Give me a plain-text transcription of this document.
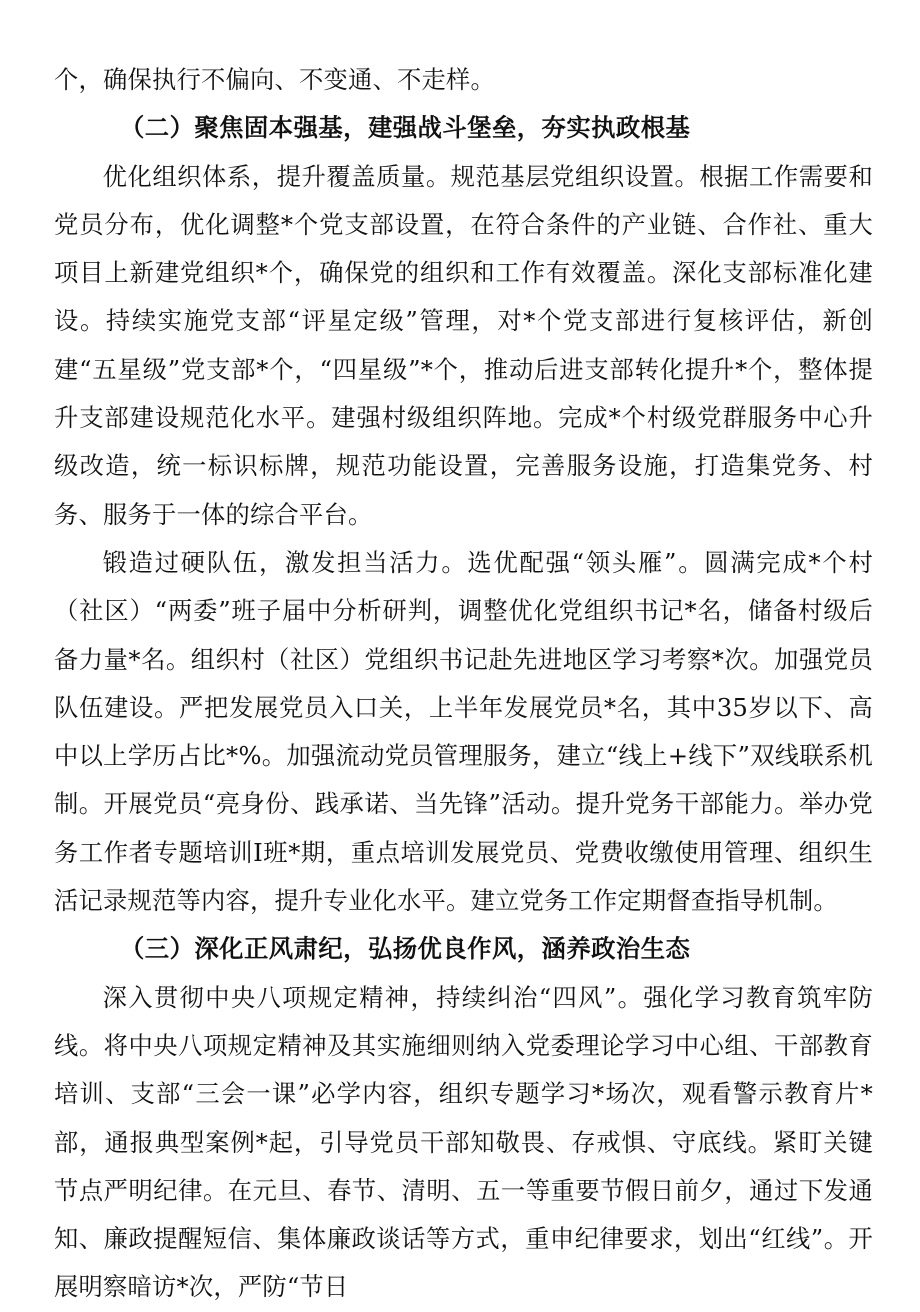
个，确保执行不偏向、不变通、不走样。

（二）聚焦固本强基，建强战斗堡垒，夯实执政根基

优化组织体系，提升覆盖质量。规范基层党组织设置。根据工作需要和党员分布，优化调整*个党支部设置，在符合条件的产业链、合作社、重大项目上新建党组织*个，确保党的组织和工作有效覆盖。深化支部标准化建设。持续实施党支部“评星定级”管理，对*个党支部进行复核评估，新创建“五星级”党支部*个，“四星级”*个，推动后进支部转化提升*个，整体提升支部建设规范化水平。建强村级组织阵地。完成*个村级党群服务中心升级改造，统一标识标牌，规范功能设置，完善服务设施，打造集党务、村务、服务于一体的综合平台。

锻造过硬队伍，激发担当活力。选优配强“领头雁”。圆满完成*个村（社区）“两委”班子届中分析研判，调整优化党组织书记*名，储备村级后备力量*名。组织村（社区）党组织书记赴先进地区学习考察*次。加强党员队伍建设。严把发展党员入口关，上半年发展党员*名，其中35岁以下、高中以上学历占比*%。加强流动党员管理服务，建立“线上+线下”双线联系机制。开展党员“亮身份、践承诺、当先锋”活动。提升党务干部能力。举办党务工作者专题培训I班*期，重点培训发展党员、党费收缴使用管理、组织生活记录规范等内容，提升专业化水平。建立党务工作定期督查指导机制。

（三）深化正风肃纪，弘扬优良作风，涵养政治生态

深入贯彻中央八项规定精神，持续纠治“四风”。强化学习教育筑牢防线。将中央八项规定精神及其实施细则纳入党委理论学习中心组、干部教育培训、支部“三会一课”必学内容，组织专题学习*场次，观看警示教育片*部，通报典型案例*起，引导党员干部知敬畏、存戒惧、守底线。紧盯关键节点严明纪律。在元旦、春节、清明、五一等重要节假日前夕，通过下发通知、廉政提醒短信、集体廉政谈话等方式，重申纪律要求，划出“红线”。开展明察暗访*次，严防“节日
